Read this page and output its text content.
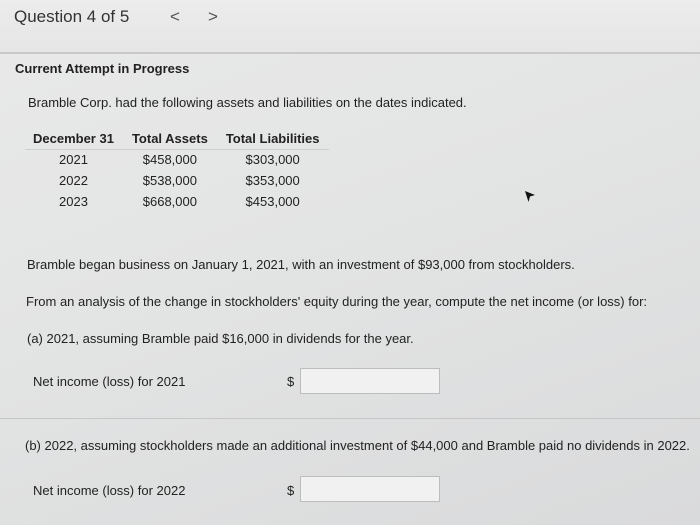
Question 4 of 5 < >
Current Attempt in Progress
Bramble Corp. had the following assets and liabilities on the dates indicated.
December 31	Total Assets	Total Liabilities
2021	$458,000	$303,000
2022	$538,000	$353,000
2023	$668,000	$453,000
Bramble began business on January 1, 2021, with an investment of $93,000 from stockholders.
From an analysis of the change in stockholders' equity during the year, compute the net income (or loss) for:
(a) 2021, assuming Bramble paid $16,000 in dividends for the year.
Net income (loss) for 2021	$
(b) 2022, assuming stockholders made an additional investment of $44,000 and Bramble paid no dividends in 2022.
Net income (loss) for 2022	$
